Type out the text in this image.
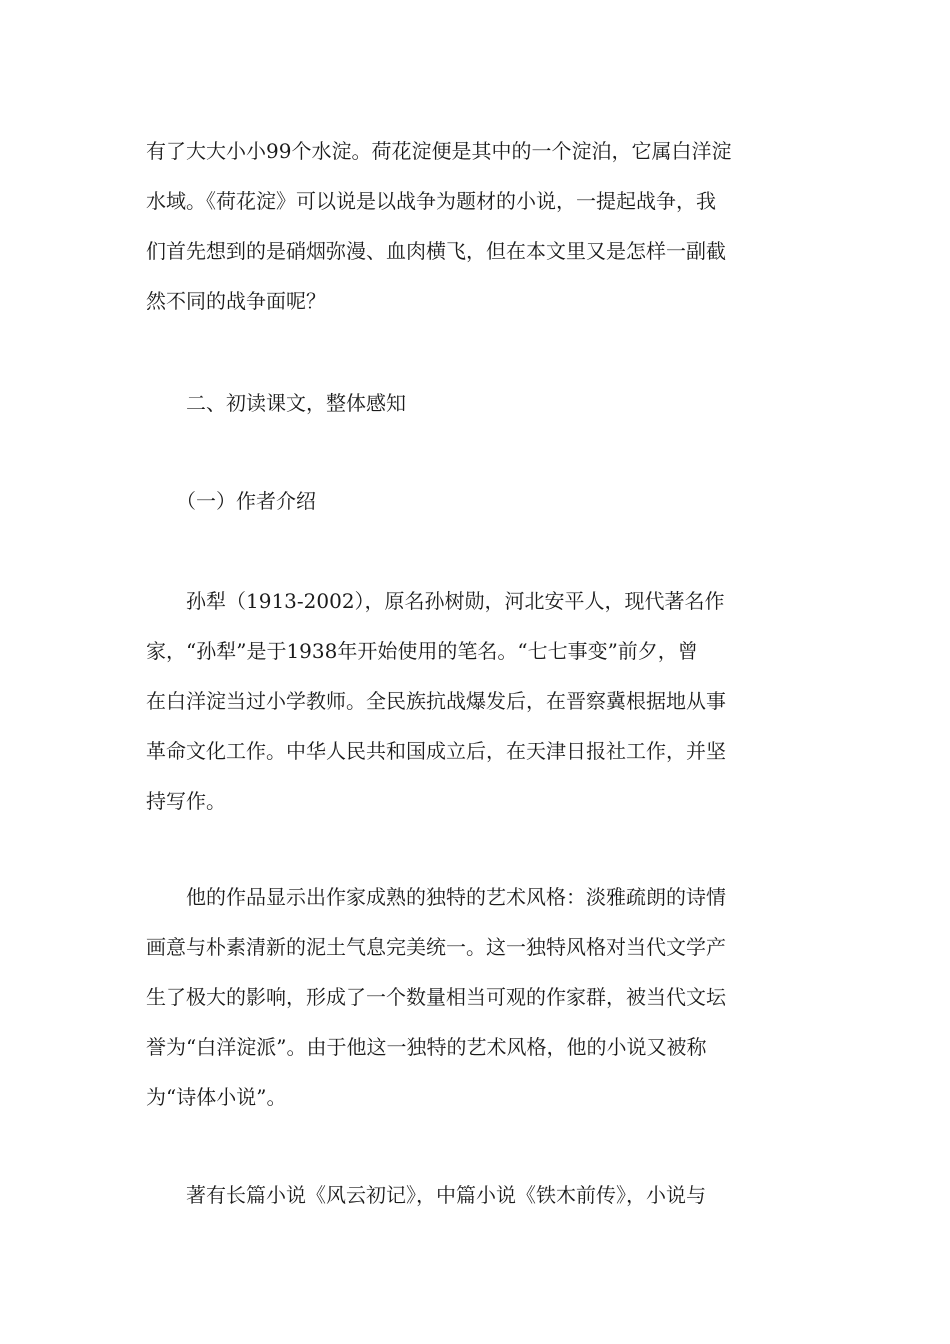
有了大大小小99个水淀。荷花淀便是其中的一个淀泊，它属白洋淀
水域。《荷花淀》可以说是以战争为题材的小说，一提起战争，我
们首先想到的是硝烟弥漫、血肉横飞，但在本文里又是怎样一副截
然不同的战争面呢？

　　二、初读课文，整体感知

　　（一）作者介绍

　　孙犁（1913-2002），原名孙树勋，河北安平人，现代著名作
家，“孙犁”是于1938年开始使用的笔名。“七七事变”前夕，曾
在白洋淀当过小学教师。全民族抗战爆发后，在晋察冀根据地从事
革命文化工作。中华人民共和国成立后，在天津日报社工作，并坚
持写作。

　　他的作品显示出作家成熟的独特的艺术风格：淡雅疏朗的诗情
画意与朴素清新的泥土气息完美统一。这一独特风格对当代文学产
生了极大的影响，形成了一个数量相当可观的作家群，被当代文坛
誉为“白洋淀派”。由于他这一独特的艺术风格，他的小说又被称
为“诗体小说”。

　　著有长篇小说《风云初记》，中篇小说《铁木前传》，小说与
